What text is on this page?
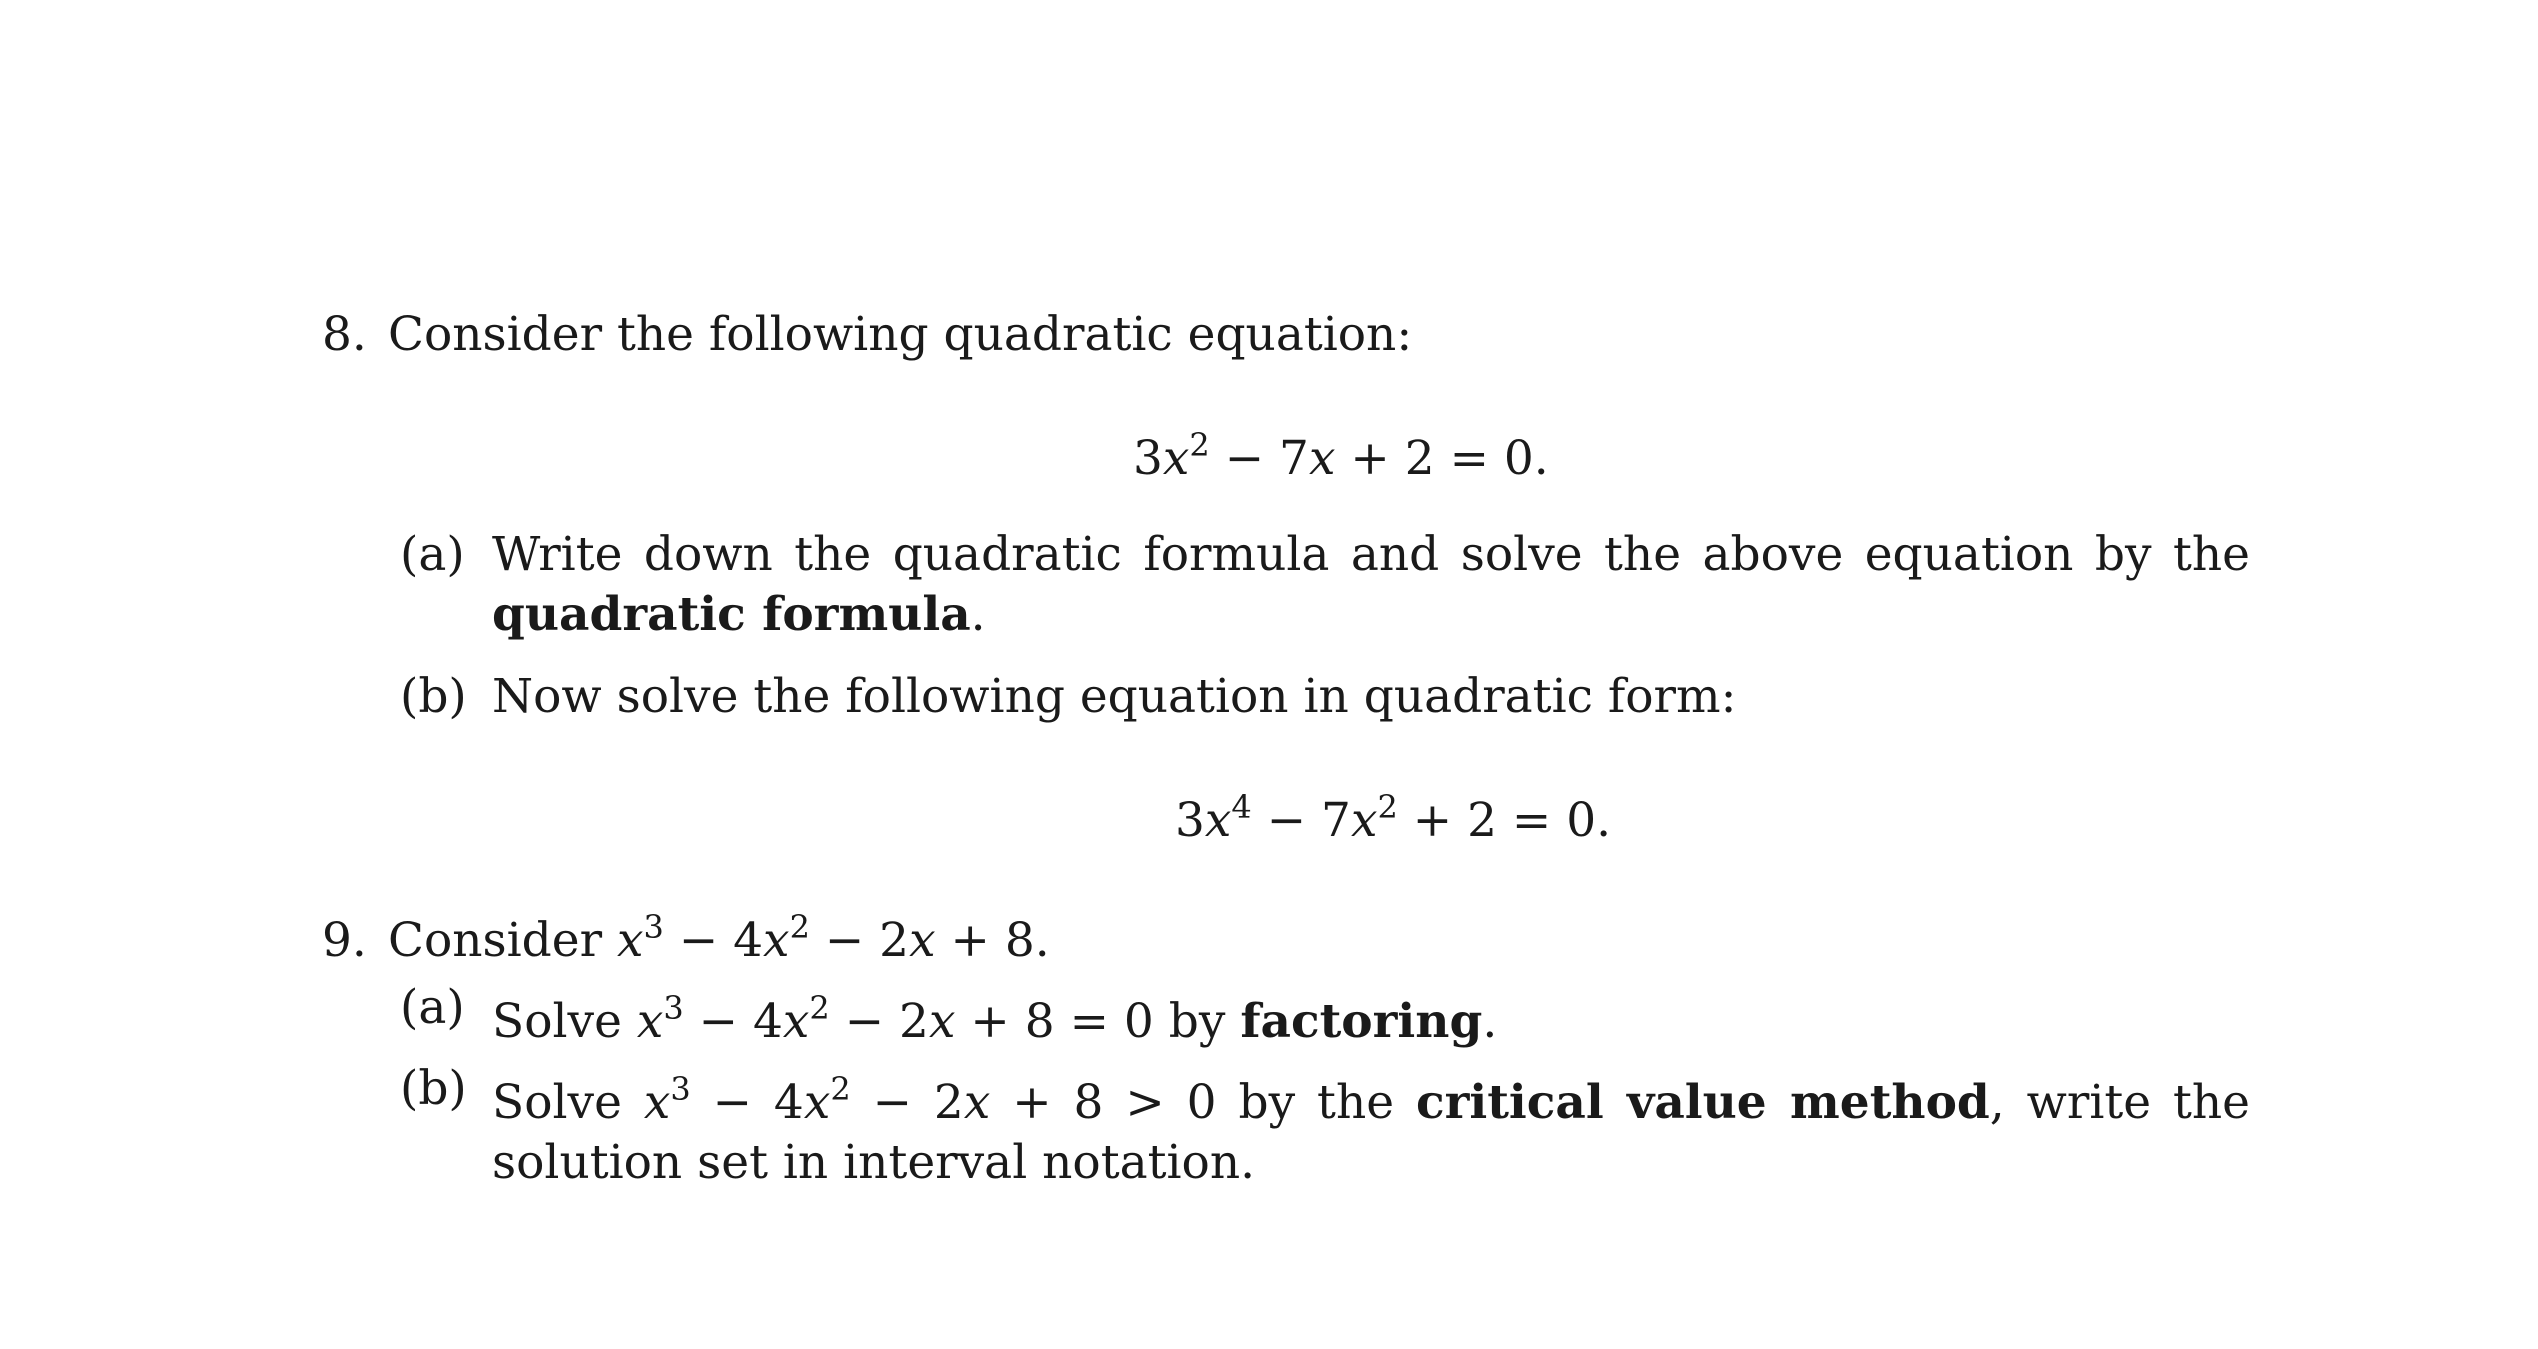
8. Consider the following quadratic equation:
$3x^2 - 7x + 2 = 0$.
(a) Write down the quadratic formula and solve the above equation by the quadratic formula.
(b) Now solve the following equation in quadratic form:
$3x^4 - 7x^2 + 2 = 0$.
9. Consider $x^3 - 4x^2 - 2x + 8$.
(a) Solve $x^3 - 4x^2 - 2x + 8 = 0$ by factoring.
(b) Solve $x^3 - 4x^2 - 2x + 8 > 0$ by the critical value method, write the solution set in interval notation.
